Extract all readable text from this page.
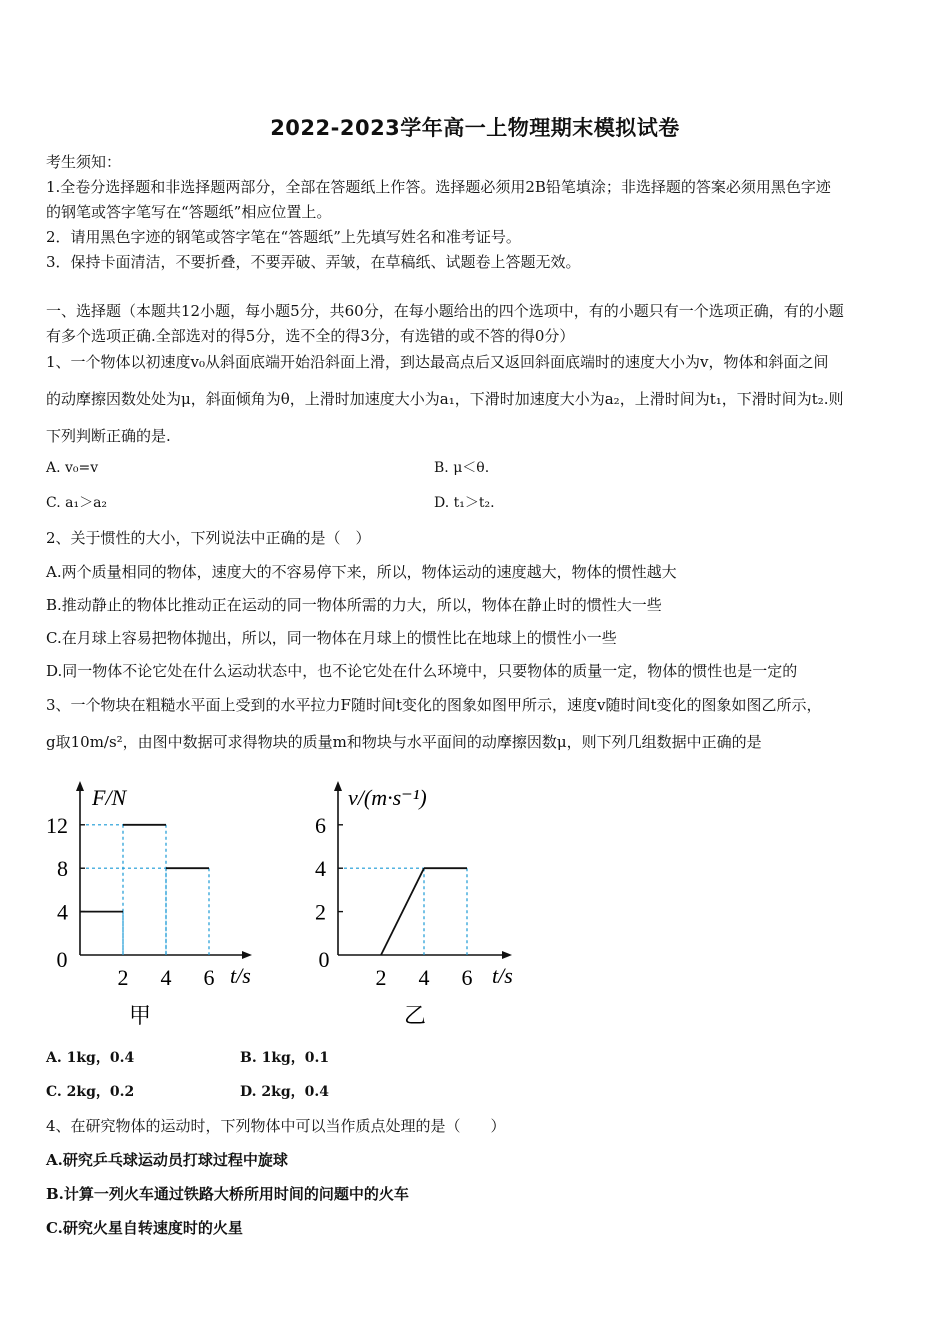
2022-2023学年高一上物理期末模拟试卷
考生须知：
1.全卷分选择题和非选择题两部分，全部在答题纸上作答。选择题必须用2B铅笔填涂；非选择题的答案必须用黑色字迹
的钢笔或答字笔写在“答题纸”相应位置上。
2．请用黑色字迹的钢笔或答字笔在“答题纸”上先填写姓名和准考证号。
3．保持卡面清洁，不要折叠，不要弄破、弄皱，在草稿纸、试题卷上答题无效。
一、选择题（本题共12小题，每小题5分，共60分，在每小题给出的四个选项中，有的小题只有一个选项正确，有的小题
有多个选项正确.全部选对的得5分，选不全的得3分，有选错的或不答的得0分）
1、一个物体以初速度v₀从斜面底端开始沿斜面上滑，到达最高点后又返回斜面底端时的速度大小为v，物体和斜面之间
的动摩擦因数处处为μ，斜面倾角为θ，上滑时加速度大小为a₁，下滑时加速度大小为a₂，上滑时间为t₁，下滑时间为t₂.则
下列判断正确的是.
A. v₀=v	B. μ＜θ.
C. a₁＞a₂	D. t₁＞t₂.
2、关于惯性的大小，下列说法中正确的是（　）
A.两个质量相同的物体，速度大的不容易停下来，所以，物体运动的速度越大，物体的惯性越大
B.推动静止的物体比推动正在运动的同一物体所需的力大，所以，物体在静止时的惯性大一些
C.在月球上容易把物体抛出，所以，同一物体在月球上的惯性比在地球上的惯性小一些
D.同一物体不论它处在什么运动状态中，也不论它处在什么环境中，只要物体的质量一定，物体的惯性也是一定的
3、一个物块在粗糙水平面上受到的水平拉力F随时间t变化的图象如图甲所示，速度v随时间t变化的图象如图乙所示，
g取10m/s²，由图中数据可求得物块的质量m和物块与水平面间的动摩擦因数μ，则下列几组数据中正确的是
F/N
t/s
0
2 4 6
4
8
12
甲
v/(m·s⁻¹)
t/s
0
2 4 6
2
4
6
乙
A. 1kg，0.4	B. 1kg，0.1
C. 2kg，0.2	D. 2kg，0.4
4、在研究物体的运动时，下列物体中可以当作质点处理的是（　　）
A.研究乒乓球运动员打球过程中旋球
B.计算一列火车通过铁路大桥所用时间的问题中的火车
C.研究火星自转速度时的火星
